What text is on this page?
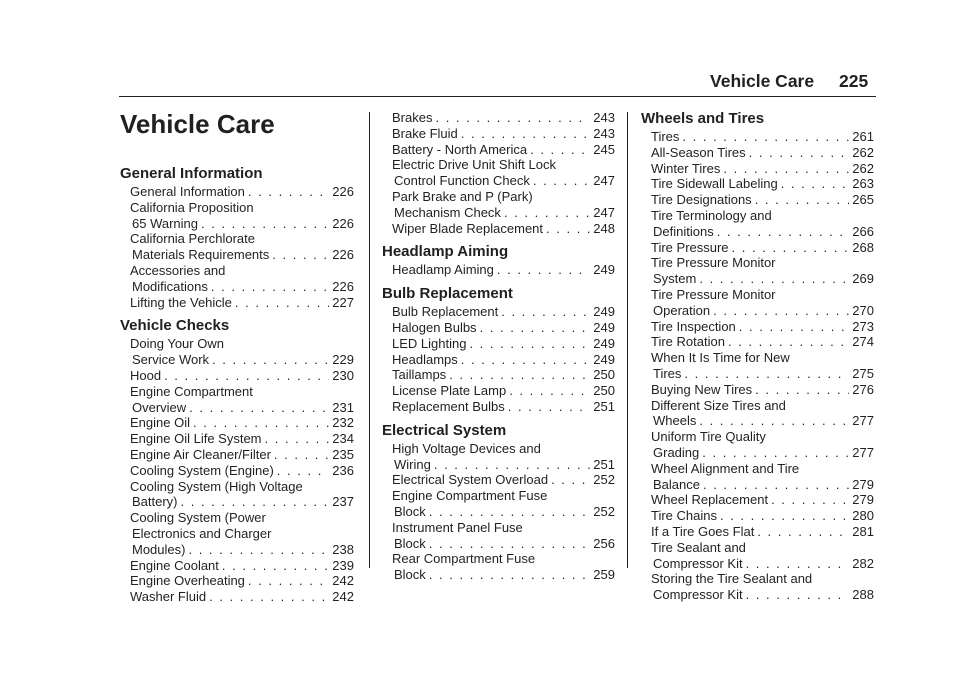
Vehicle Care 225
Vehicle Care
General Information
General Information . . .	226
California Proposition
65 Warning . . .	226
California Perchlorate
Materials Requirements . . .	226
Accessories and
Modifications . . .	226
Lifting the Vehicle . . .	227
Vehicle Checks
Doing Your Own
Service Work . . .	229
Hood . . .	230
Engine Compartment
Overview . . .	231
Engine Oil . . .	232
Engine Oil Life System . . .	234
Engine Air Cleaner/Filter . . .	235
Cooling System (Engine) . . .	236
Cooling System (High Voltage
Battery) . . .	237
Cooling System (Power
Electronics and Charger
Modules) . . .	238
Engine Coolant . . .	239
Engine Overheating . . .	242
Washer Fluid . . .	242
Brakes . . .	243
Brake Fluid . . .	243
Battery - North America . . .	245
Electric Drive Unit Shift Lock
Control Function Check . . .	247
Park Brake and P (Park)
Mechanism Check . . .	247
Wiper Blade Replacement . . .	248
Headlamp Aiming
Headlamp Aiming . . .	249
Bulb Replacement
Bulb Replacement . . .	249
Halogen Bulbs . . .	249
LED Lighting . . .	249
Headlamps . . .	249
Taillamps . . .	250
License Plate Lamp . . .	250
Replacement Bulbs . . .	251
Electrical System
High Voltage Devices and
Wiring . . .	251
Electrical System Overload . . .	252
Engine Compartment Fuse
Block . . .	252
Instrument Panel Fuse
Block . . .	256
Rear Compartment Fuse
Block . . .	259
Wheels and Tires
Tires . . .	261
All-Season Tires . . .	262
Winter Tires . . .	262
Tire Sidewall Labeling . . .	263
Tire Designations . . .	265
Tire Terminology and
Definitions . . .	266
Tire Pressure . . .	268
Tire Pressure Monitor
System . . .	269
Tire Pressure Monitor
Operation . . .	270
Tire Inspection . . .	273
Tire Rotation . . .	274
When It Is Time for New
Tires . . .	275
Buying New Tires . . .	276
Different Size Tires and
Wheels . . .	277
Uniform Tire Quality
Grading . . .	277
Wheel Alignment and Tire
Balance . . .	279
Wheel Replacement . . .	279
Tire Chains . . .	280
If a Tire Goes Flat . . .	281
Tire Sealant and
Compressor Kit . . .	282
Storing the Tire Sealant and
Compressor Kit . . .	288
